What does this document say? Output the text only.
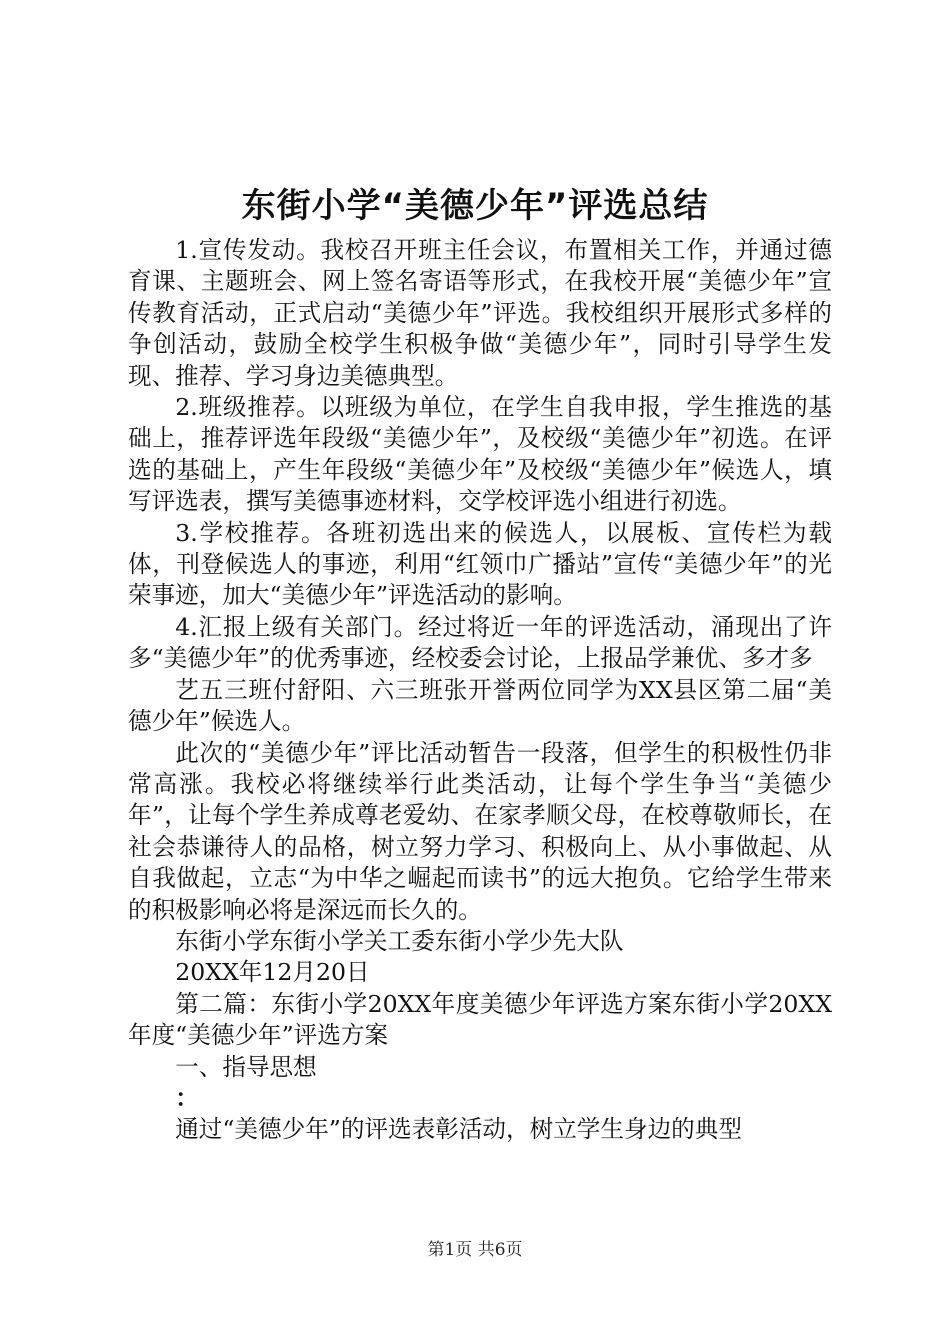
东街小学“美德少年”评选总结

1.宣传发动。我校召开班主任会议，布置相关工作，并通过德育课、主题班会、网上签名寄语等形式，在我校开展“美德少年”宣传教育活动，正式启动“美德少年”评选。我校组织开展形式多样的争创活动，鼓励全校学生积极争做“美德少年”，同时引导学生发现、推荐、学习身边美德典型。

2.班级推荐。以班级为单位，在学生自我申报，学生推选的基础上，推荐评选年段级“美德少年”，及校级“美德少年”初选。在评选的基础上，产生年段级“美德少年”及校级“美德少年”候选人，填写评选表，撰写美德事迹材料，交学校评选小组进行初选。

3.学校推荐。各班初选出来的候选人，以展板、宣传栏为载体，刊登候选人的事迹，利用“红领巾广播站”宣传“美德少年”的光荣事迹，加大“美德少年”评选活动的影响。

4.汇报上级有关部门。经过将近一年的评选活动，涌现出了许多“美德少年”的优秀事迹，经校委会讨论，上报品学兼优、多才多

艺五三班付舒阳、六三班张开誉两位同学为XX县区第二届“美德少年”候选人。

此次的“美德少年”评比活动暂告一段落，但学生的积极性仍非常高涨。我校必将继续举行此类活动，让每个学生争当“美德少年”，让每个学生养成尊老爱幼、在家孝顺父母，在校尊敬师长，在社会恭谦待人的品格，树立努力学习、积极向上、从小事做起、从自我做起，立志“为中华之崛起而读书”的远大抱负。它给学生带来的积极影响必将是深远而长久的。

东街小学东街小学关工委东街小学少先大队

20XX年12月20日

第二篇：东街小学20XX年度美德少年评选方案东街小学20XX年度“美德少年”评选方案

一、指导思想

：

通过“美德少年”的评选表彰活动，树立学生身边的典型

第1页 共6页
